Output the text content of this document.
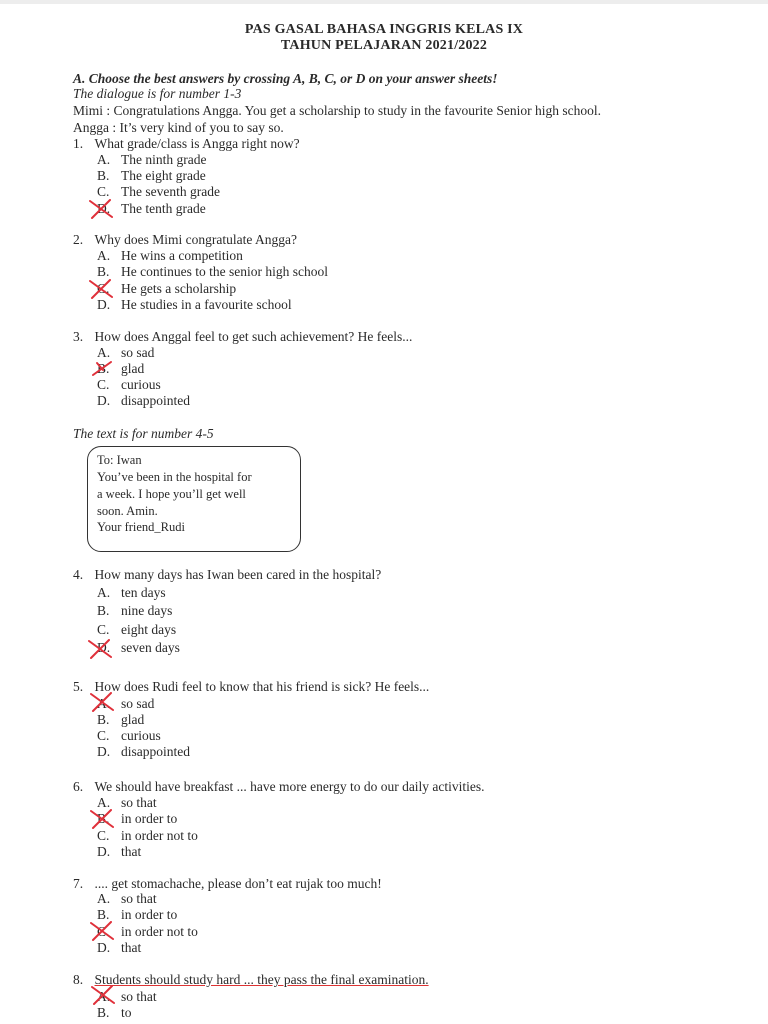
PAS GASAL BAHASA INGGRIS KELAS IX
TAHUN PELAJARAN 2021/2022
A. Choose the best answers by crossing A, B, C, or D on your answer sheets!
The dialogue is for number 1-3
Mimi : Congratulations Angga. You get a scholarship to study in the favourite Senior high school.
Angga : It’s very kind of you to say so.
1. What grade/class is Angga right now?
A. The ninth grade
B. The eight grade
C. The seventh grade
D. The tenth grade
2. Why does Mimi congratulate Angga?
A. He wins a competition
B. He continues to the senior high school
C. He gets a scholarship
D. He studies in a favourite school
3. How does Anggal feel to get such achievement? He feels...
A. so sad
B. glad
C. curious
D. disappointed
The text is for number 4-5
To: Iwan
You’ve been in the hospital for
a week. I hope you’ll get well
soon. Amin.
Your friend_Rudi
4. How many days has Iwan been cared in the hospital?
A. ten days
B. nine days
C. eight days
D. seven days
5. How does Rudi feel to know that his friend is sick? He feels...
A. so sad
B. glad
C. curious
D. disappointed
6. We should have breakfast ... have more energy to do our daily activities.
A. so that
B. in order to
C. in order not to
D. that
7. .... get stomachache, please don’t eat rujak too much!
A. so that
B. in order to
C. in order not to
D. that
8. Students should study hard ... they pass the final examination.
A. so that
B. to
